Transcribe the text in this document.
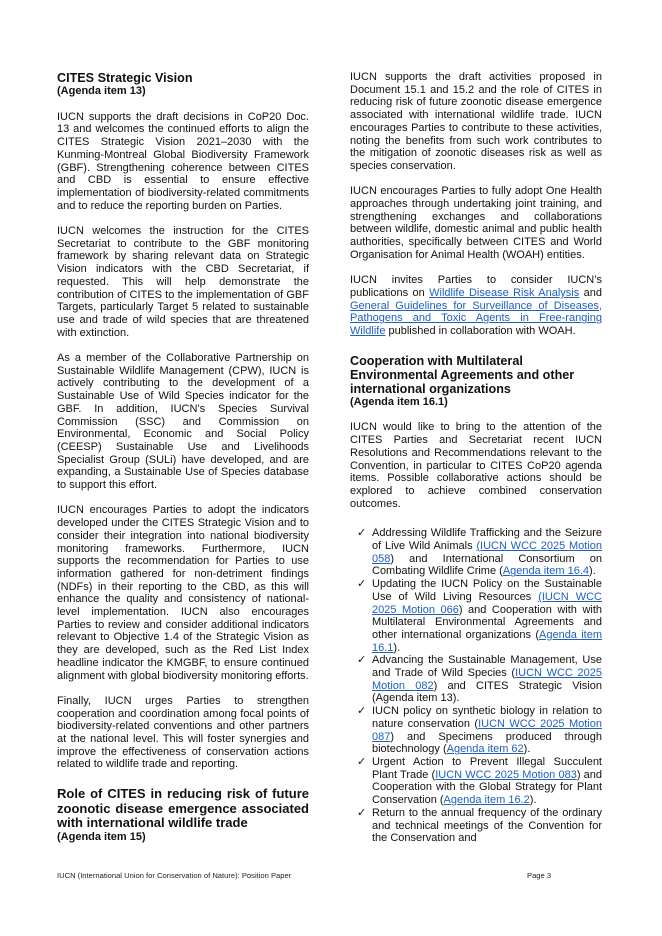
CITES Strategic Vision
(Agenda item 13)

IUCN supports the draft decisions in CoP20 Doc. 13 and welcomes the continued efforts to align the CITES Strategic Vision 2021–2030 with the Kunming-Montreal Global Biodiversity Framework (GBF). Strengthening coherence between CITES and CBD is essential to ensure effective implementation of biodiversity-related commitments and to reduce the reporting burden on Parties.

IUCN welcomes the instruction for the CITES Secretariat to contribute to the GBF monitoring framework by sharing relevant data on Strategic Vision indicators with the CBD Secretariat, if requested. This will help demonstrate the contribution of CITES to the implementation of GBF Targets, particularly Target 5 related to sustainable use and trade of wild species that are threatened with extinction.

As a member of the Collaborative Partnership on Sustainable Wildlife Management (CPW), IUCN is actively contributing to the development of a Sustainable Use of Wild Species indicator for the GBF. In addition, IUCN’s Species Survival Commission (SSC) and Commission on Environmental, Economic and Social Policy (CEESP) Sustainable Use and Livelihoods Specialist Group (SULi) have developed, and are expanding, a Sustainable Use of Species database to support this effort.

IUCN encourages Parties to adopt the indicators developed under the CITES Strategic Vision and to consider their integration into national biodiversity monitoring frameworks. Furthermore, IUCN supports the recommendation for Parties to use information gathered for non-detriment findings (NDFs) in their reporting to the CBD, as this will enhance the quality and consistency of national-level implementation. IUCN also encourages Parties to review and consider additional indicators relevant to Objective 1.4 of the Strategic Vision as they are developed, such as the Red List Index headline indicator the KMGBF, to ensure continued alignment with global biodiversity monitoring efforts.

Finally, IUCN urges Parties to strengthen cooperation and coordination among focal points of biodiversity-related conventions and other partners at the national level. This will foster synergies and improve the effectiveness of conservation actions related to wildlife trade and reporting.

Role of CITES in reducing risk of future zoonotic disease emergence associated with international wildlife trade
(Agenda item 15)

IUCN supports the draft activities proposed in Document 15.1 and 15.2 and the role of CITES in reducing risk of future zoonotic disease emergence associated with international wildlife trade. IUCN encourages Parties to contribute to these activities, noting the benefits from such work contributes to the mitigation of zoonotic diseases risk as well as species conservation.

IUCN encourages Parties to fully adopt One Health approaches through undertaking joint training, and strengthening exchanges and collaborations between wildlife, domestic animal and public health authorities, specifically between CITES and World Organisation for Animal Health (WOAH) entities.

IUCN invites Parties to consider IUCN’s publications on Wildlife Disease Risk Analysis and General Guidelines for Surveillance of Diseases, Pathogens and Toxic Agents in Free-ranging Wildlife published in collaboration with WOAH.

Cooperation with Multilateral Environmental Agreements and other international organizations
(Agenda item 16.1)

IUCN would like to bring to the attention of the CITES Parties and Secretariat recent IUCN Resolutions and Recommendations relevant to the Convention, in particular to CITES CoP20 agenda items. Possible collaborative actions should be explored to achieve combined conservation outcomes.

✓ Addressing Wildlife Trafficking and the Seizure of Live Wild Animals (IUCN WCC 2025 Motion 058) and International Consortium on Combating Wildlife Crime (Agenda item 16.4).
✓ Updating the IUCN Policy on the Sustainable Use of Wild Living Resources (IUCN WCC 2025 Motion 066) and Cooperation with with Multilateral Environmental Agreements and other international organizations (Agenda item 16.1).
✓ Advancing the Sustainable Management, Use and Trade of Wild Species (IUCN WCC 2025 Motion 082) and CITES Strategic Vision (Agenda item 13).
✓ IUCN policy on synthetic biology in relation to nature conservation (IUCN WCC 2025 Motion 087) and Specimens produced through biotechnology (Agenda item 62).
✓ Urgent Action to Prevent Illegal Succulent Plant Trade (IUCN WCC 2025 Motion 083) and Cooperation with the Global Strategy for Plant Conservation (Agenda item 16.2).
✓ Return to the annual frequency of the ordinary and technical meetings of the Convention for the Conservation and
IUCN (International Union for Conservation of Nature): Position Paper	Page 3
